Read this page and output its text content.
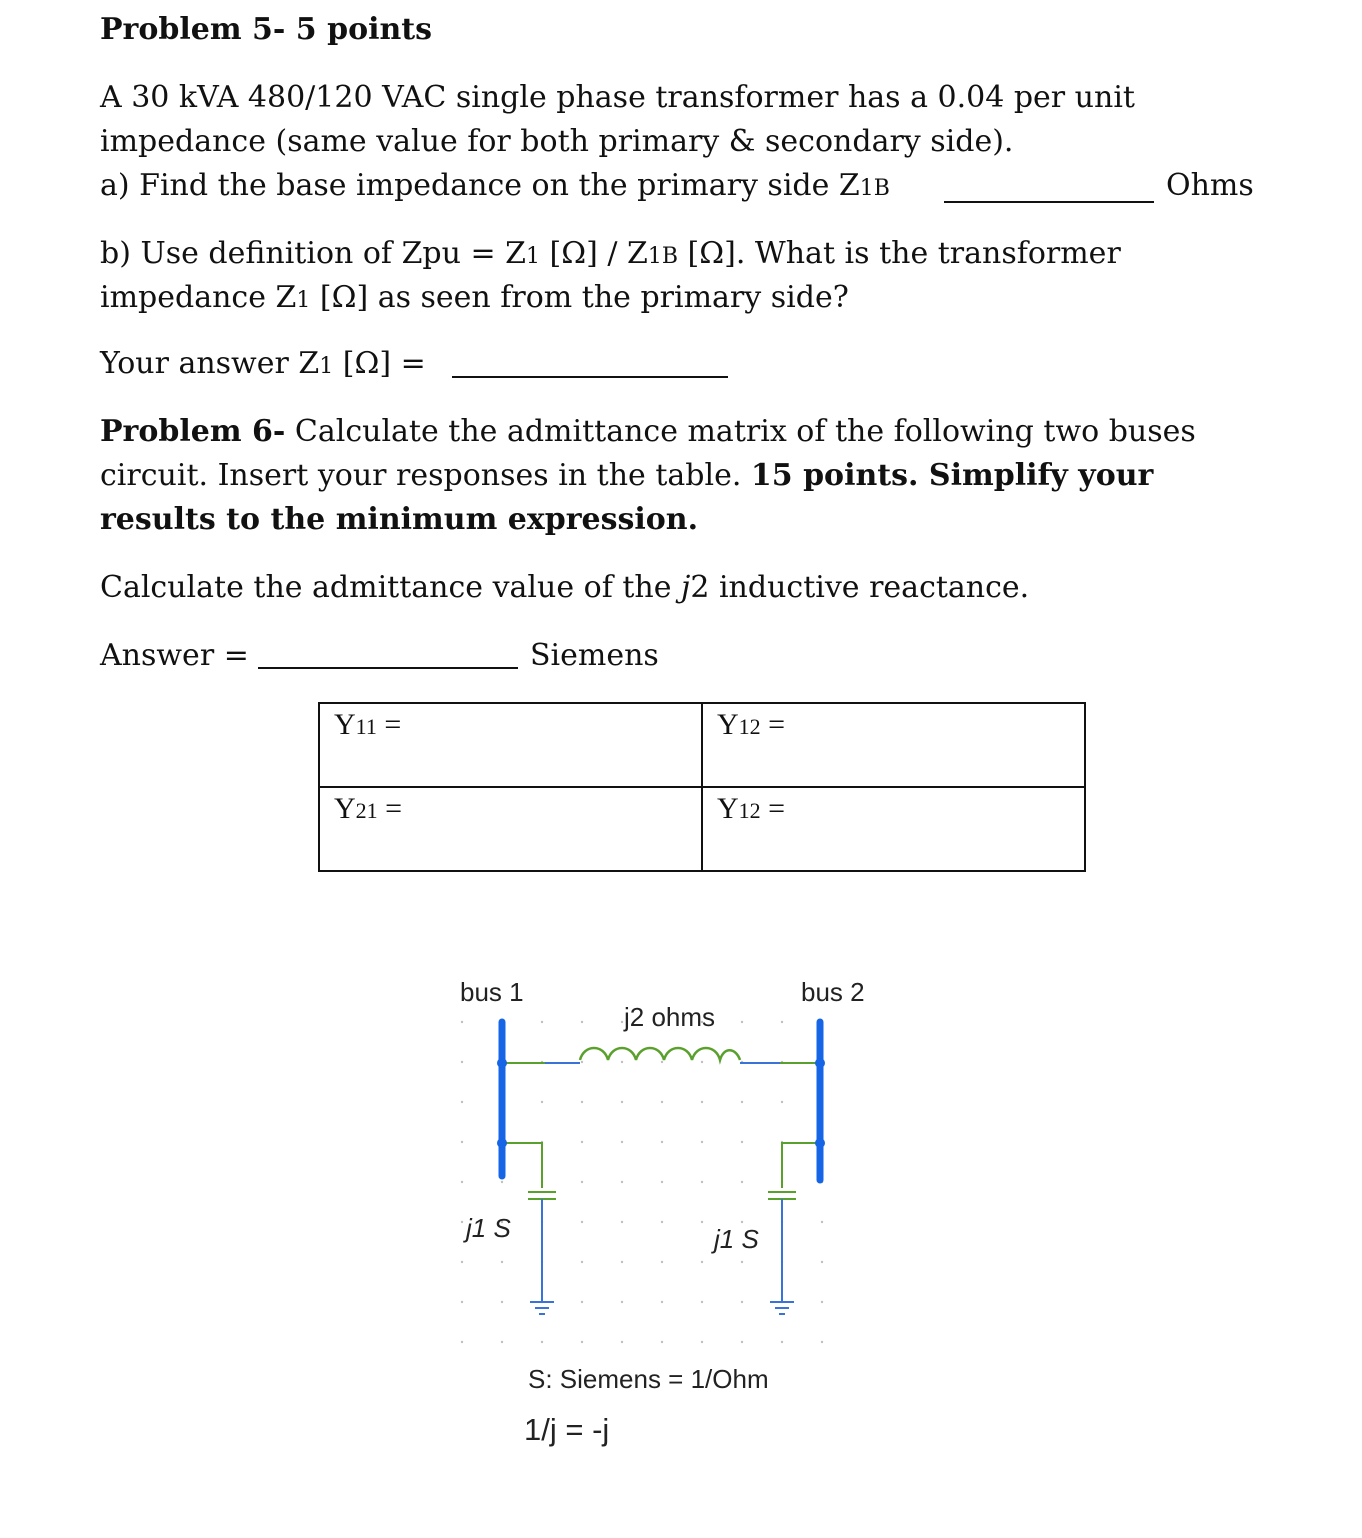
Problem 5- 5 points
A 30 kVA 480/120 VAC single phase transformer has a 0.04 per unit
impedance (same value for both primary & secondary side).
a) Find the base impedance on the primary side Z1B	Ohms
b) Use definition of Zpu = Z1 [Ω] / Z1B [Ω]. What is the transformer
impedance Z1 [Ω] as seen from the primary side?
Your answer Z1 [Ω] =
Problem 6- Calculate the admittance matrix of the following two buses
circuit. Insert your responses in the table. 15 points. Simplify your
results to the minimum expression.
Calculate the admittance value of the j2 inductive reactance.
Answer =	Siemens
Y11 =	Y12 =
Y21 =	Y12 =
bus 1	bus 2
j2 ohms
j1 S	j1 S
S: Siemens = 1/Ohm
1/j = -j
